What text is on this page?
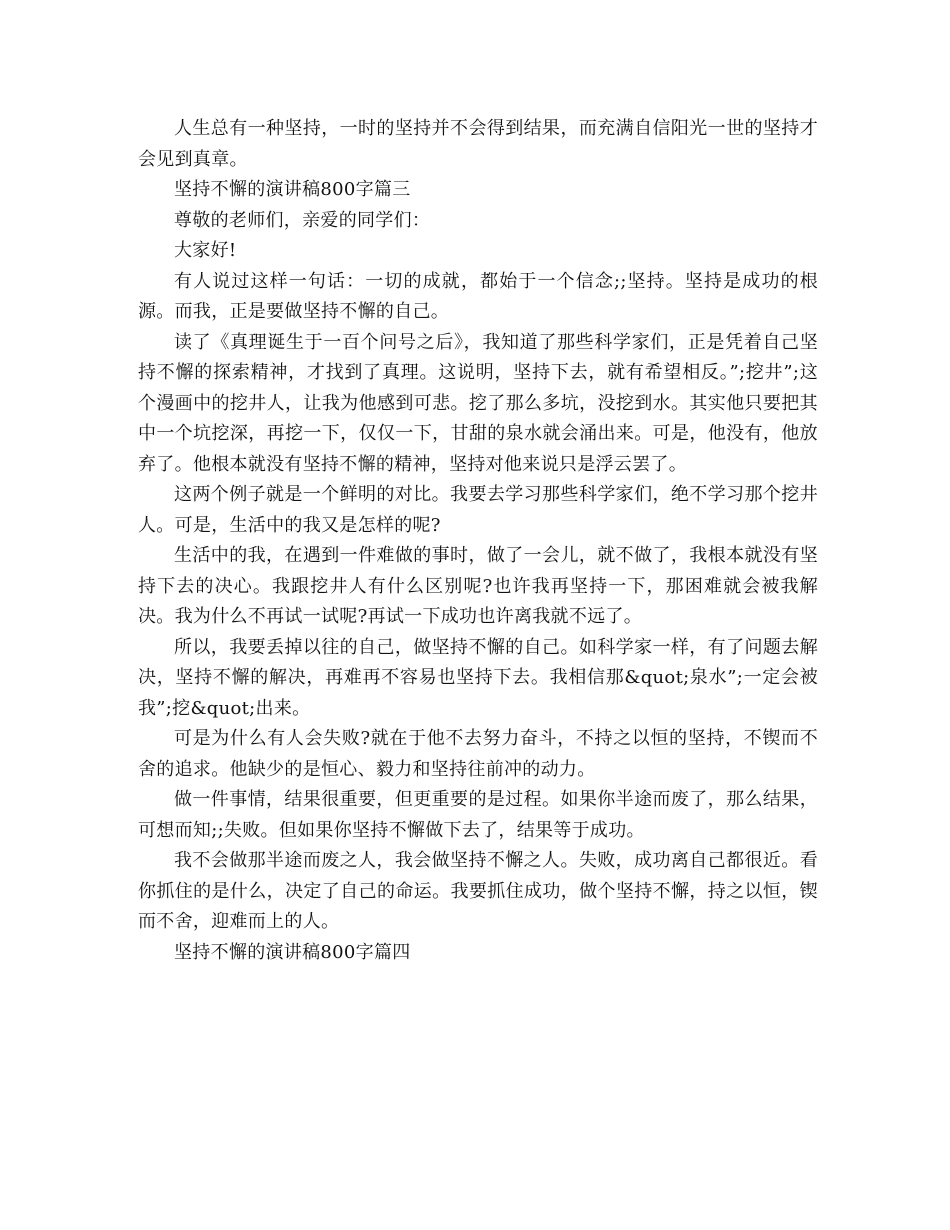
人生总有一种坚持，一时的坚持并不会得到结果，而充满自信阳光一世的坚持才会见到真章。

坚持不懈的演讲稿800字篇三

尊敬的老师们，亲爱的同学们：

大家好!

有人说过这样一句话：一切的成就，都始于一个信念;;坚持。坚持是成功的根源。而我，正是要做坚持不懈的自己。

读了《真理诞生于一百个问号之后》，我知道了那些科学家们，正是凭着自己坚持不懈的探索精神，才找到了真理。这说明，坚持下去，就有希望相反。”;挖井”;这个漫画中的挖井人，让我为他感到可悲。挖了那么多坑，没挖到水。其实他只要把其中一个坑挖深，再挖一下，仅仅一下，甘甜的泉水就会涌出来。可是，他没有，他放弃了。他根本就没有坚持不懈的精神，坚持对他来说只是浮云罢了。

这两个例子就是一个鲜明的对比。我要去学习那些科学家们，绝不学习那个挖井人。可是，生活中的我又是怎样的呢?

生活中的我，在遇到一件难做的事时，做了一会儿，就不做了，我根本就没有坚持下去的决心。我跟挖井人有什么区别呢?也许我再坚持一下，那困难就会被我解决。我为什么不再试一试呢?再试一下成功也许离我就不远了。

所以，我要丢掉以往的自己，做坚持不懈的自己。如科学家一样，有了问题去解决，坚持不懈的解决，再难再不容易也坚持下去。我相信那&quot;泉水”;一定会被我”;挖&quot;出来。

可是为什么有人会失败?就在于他不去努力奋斗，不持之以恒的坚持，不锲而不舍的追求。他缺少的是恒心、毅力和坚持往前冲的动力。

做一件事情，结果很重要，但更重要的是过程。如果你半途而废了，那么结果，可想而知;;失败。但如果你坚持不懈做下去了，结果等于成功。

我不会做那半途而废之人，我会做坚持不懈之人。失败，成功离自己都很近。看你抓住的是什么，决定了自己的命运。我要抓住成功，做个坚持不懈，持之以恒，锲而不舍，迎难而上的人。

坚持不懈的演讲稿800字篇四
